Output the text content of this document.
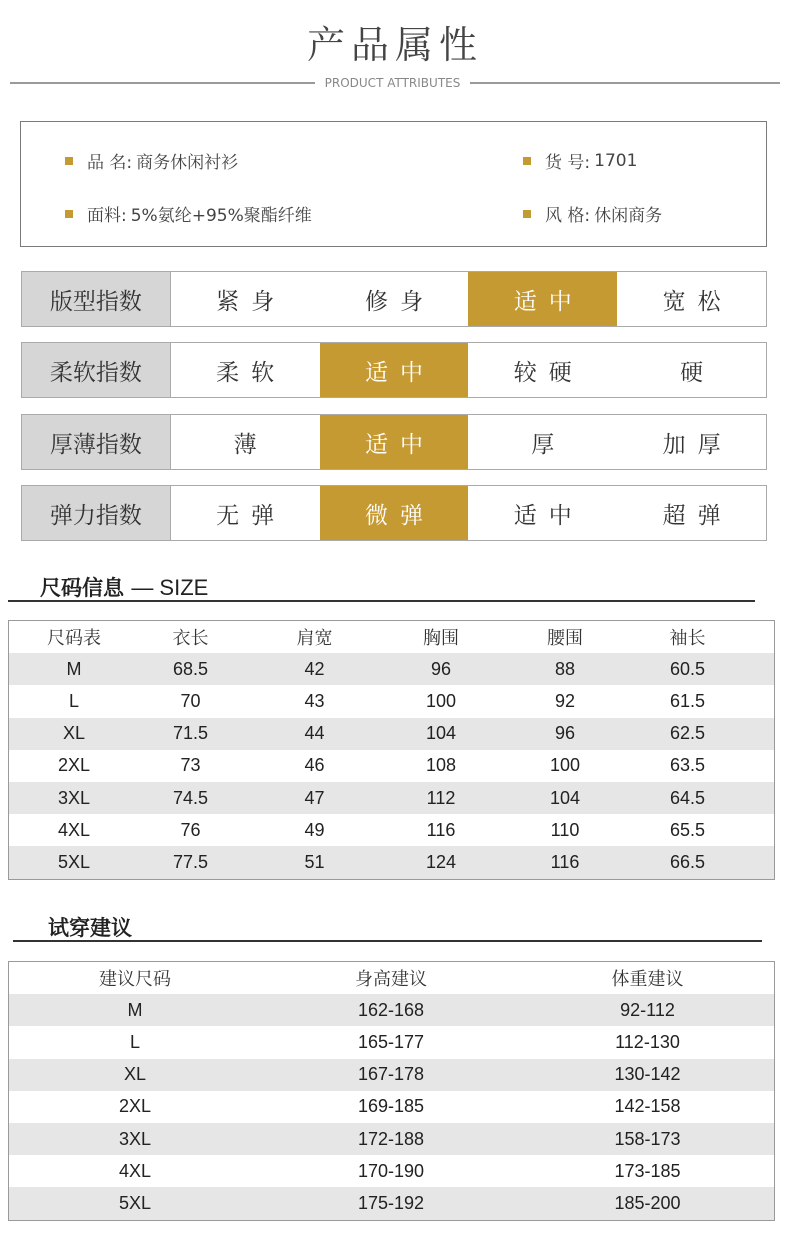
产品属性
PRODUCT ATTRIBUTES
品 名: 商务休闲衬衫	货 号: 1701
面料: 5%氨纶+95%聚酯纤维	风 格: 休闲商务
版型指数	紧身	修身	适中	宽松
柔软指数	柔软	适中	较硬	硬
厚薄指数	薄	适中	厚	加厚
弹力指数	无弹	微弹	适中	超弹
尺码信息 — SIZE
尺码表	衣长	肩宽	胸围	腰围	袖长
M	68.5	42	96	88	60.5
L	70	43	100	92	61.5
XL	71.5	44	104	96	62.5
2XL	73	46	108	100	63.5
3XL	74.5	47	112	104	64.5
4XL	76	49	116	110	65.5
5XL	77.5	51	124	116	66.5
试穿建议
建议尺码	身高建议	体重建议
M	162-168	92-112
L	165-177	112-130
XL	167-178	130-142
2XL	169-185	142-158
3XL	172-188	158-173
4XL	170-190	173-185
5XL	175-192	185-200
